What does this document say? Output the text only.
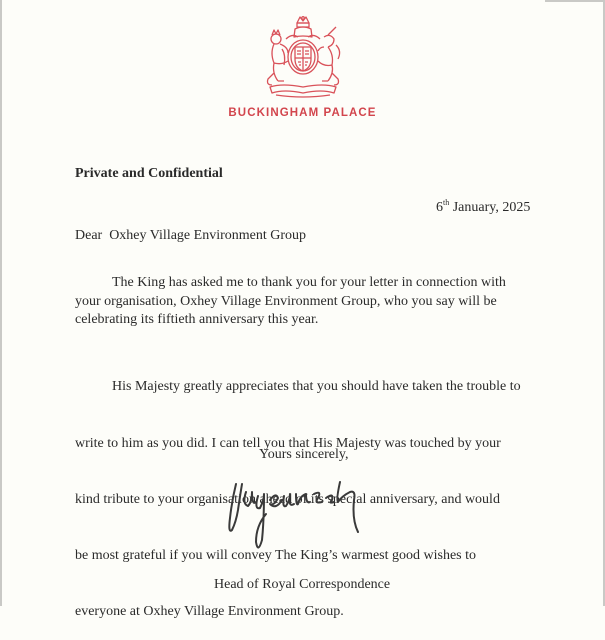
BUCKINGHAM PALACE
Private and Confidential
6th January, 2025
Dear  Oxhey Village Environment Group
The King has asked me to thank you for your letter in connection with
your organisation, Oxhey Village Environment Group, who you say will be
celebrating its fiftieth anniversary this year.

His Majesty greatly appreciates that you should have taken the trouble to

write to him as you did. I can tell you that His Majesty was touched by your

kind tribute to your organisation ahead of its special anniversary, and would

be most grateful if you will convey The King’s warmest good wishes to

everyone at Oxhey Village Environment Group.

Yours sincerely,
Head of Royal Correspondence
